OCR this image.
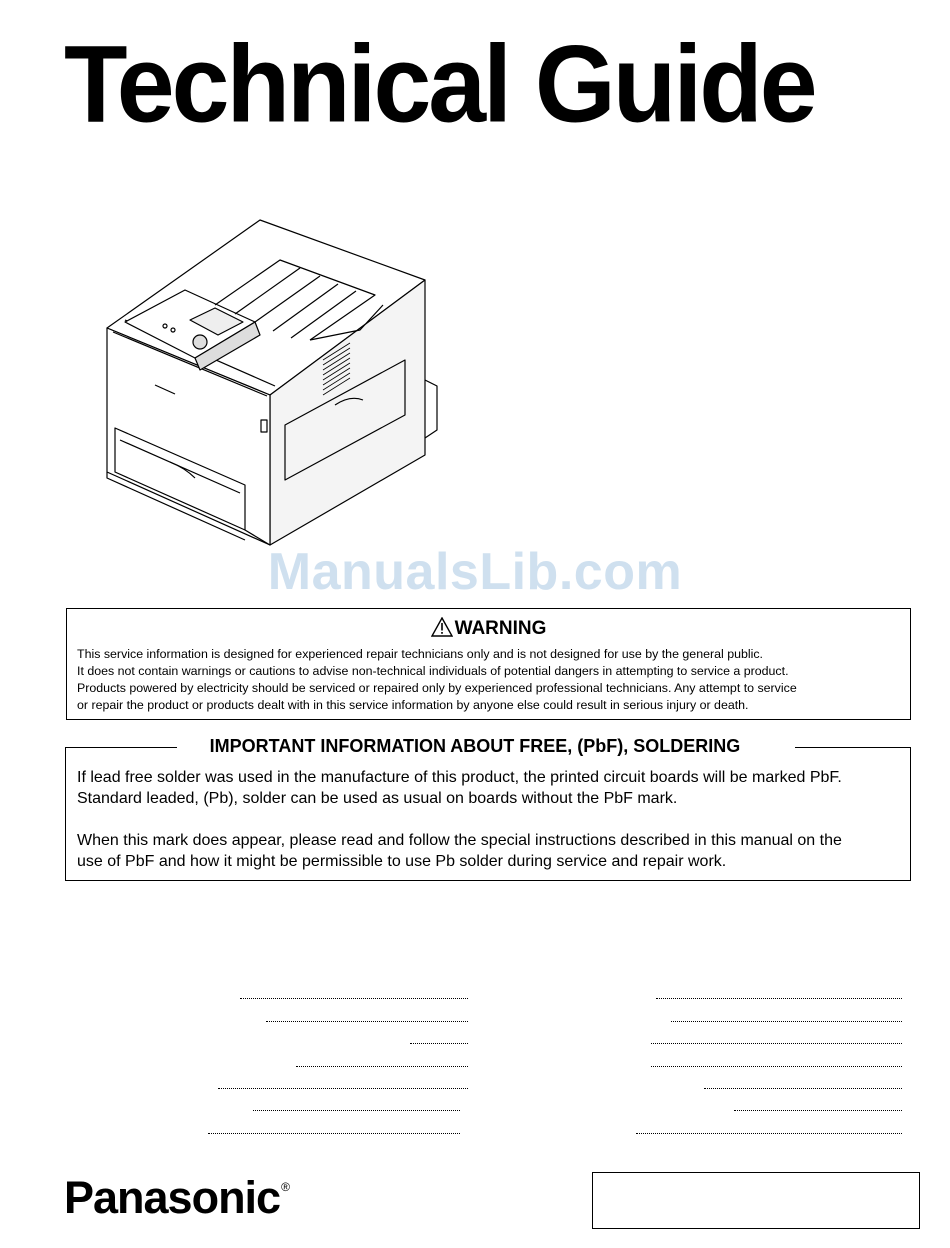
Technical Guide
ManualsLib.com
WARNING
This service information is designed for experienced repair technicians only and is not designed for use by the general public.
It does not contain warnings or cautions to advise non-technical individuals of potential dangers in attempting to service a product.
Products powered by electricity should be serviced or repaired only by experienced professional technicians. Any attempt to service
or repair the product or products dealt with in this service information by anyone else could result in serious injury or death.
IMPORTANT INFORMATION ABOUT FREE, (PbF), SOLDERING
If lead free solder was used in the manufacture of this product, the printed circuit boards will be marked PbF.
Standard leaded, (Pb), solder can be used as usual on boards without the PbF mark.
When this mark does appear, please read and follow the special instructions described in this manual on the
use of PbF and how it might be permissible to use Pb solder during service and repair work.
Panasonic®
